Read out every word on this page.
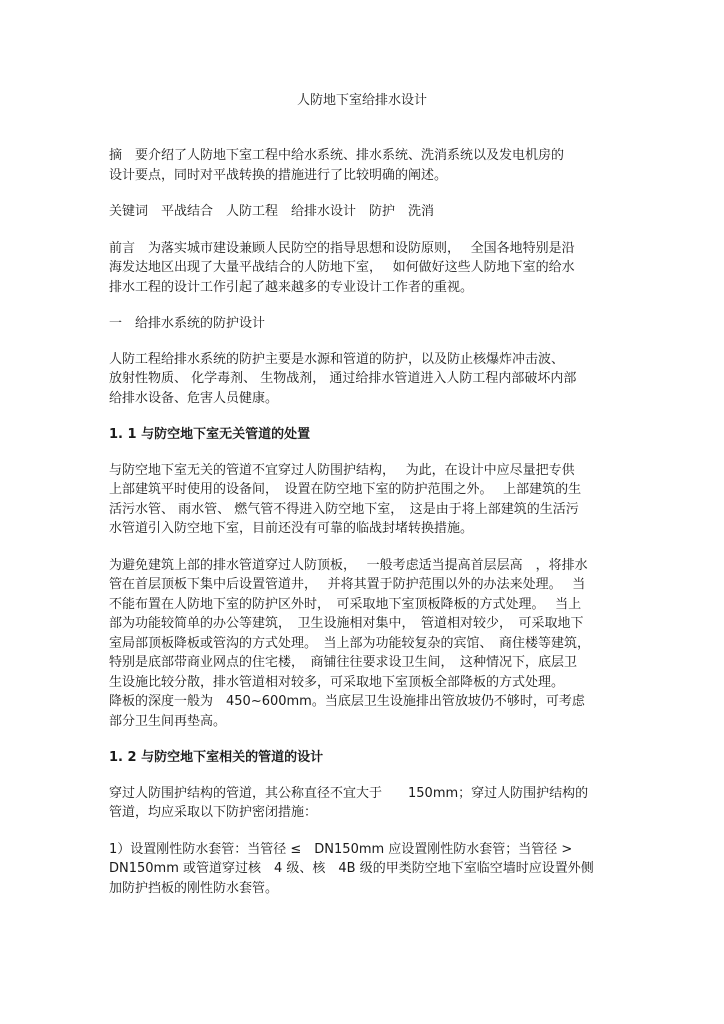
人防地下室给排水设计

摘　要介绍了人防地下室工程中给水系统、排水系统、洗消系统以及发电机房的
设计要点，同时对平战转换的措施进行了比较明确的阐述。

关键词　平战结合　人防工程　给排水设计　防护　洗消

前言　为落实城市建设兼顾人民防空的指导思想和设防原则，　 全国各地特别是沿
海发达地区出现了大量平战结合的人防地下室，　 如何做好这些人防地下室的给水
排水工程的设计工作引起了越来越多的专业设计工作者的重视。

一　给排水系统的防护设计

人防工程给排水系统的防护主要是水源和管道的防护，以及防止核爆炸冲击波、
放射性物质、 化学毒剂、 生物战剂， 通过给排水管道进入人防工程内部破坏内部
给排水设备、危害人员健康。

1. 1 与防空地下室无关管道的处置

与防空地下室无关的管道不宜穿过人防围护结构，　 为此，在设计中应尽量把专供
上部建筑平时使用的设备间，　设置在防空地下室的防护范围之外。　 上部建筑的生
活污水管、 雨水管、 燃气管不得进入防空地下室，　这是由于将上部建筑的生活污
水管道引入防空地下室，目前还没有可靠的临战封堵转换措施。

为避免建筑上部的排水管道穿过人防顶板，　 一般考虑适当提高首层层高　，将排水
管在首层顶板下集中后设置管道井，　 并将其置于防护范围以外的办法来处理。　 当
不能布置在人防地下室的防护区外时，　可采取地下室顶板降板的方式处理。　 当上
部为功能较简单的办公等建筑，　卫生设施相对集中，　管道相对较少，　可采取地下
室局部顶板降板或管沟的方式处理。　当上部为功能较复杂的宾馆、　商住楼等建筑，
特别是底部带商业网点的住宅楼，　商铺往往要求设卫生间，　这种情况下，底层卫
生设施比较分散，排水管道相对较多，可采取地下室顶板全部降板的方式处理。
降板的深度一般为　450~600mm。当底层卫生设施排出管放坡仍不够时，可考虑
部分卫生间再垫高。

1. 2 与防空地下室相关的管道的设计

穿过人防围护结构的管道，其公称直径不宜大于　　150mm；穿过人防围护结构的
管道，均应采取以下防护密闭措施：

1）设置刚性防水套管：当管径 ≤　DN150mm 应设置刚性防水套管；当管径 >
DN150mm 或管道穿过核　4 级、核　4B 级的甲类防空地下室临空墙时应设置外侧
加防护挡板的刚性防水套管。
